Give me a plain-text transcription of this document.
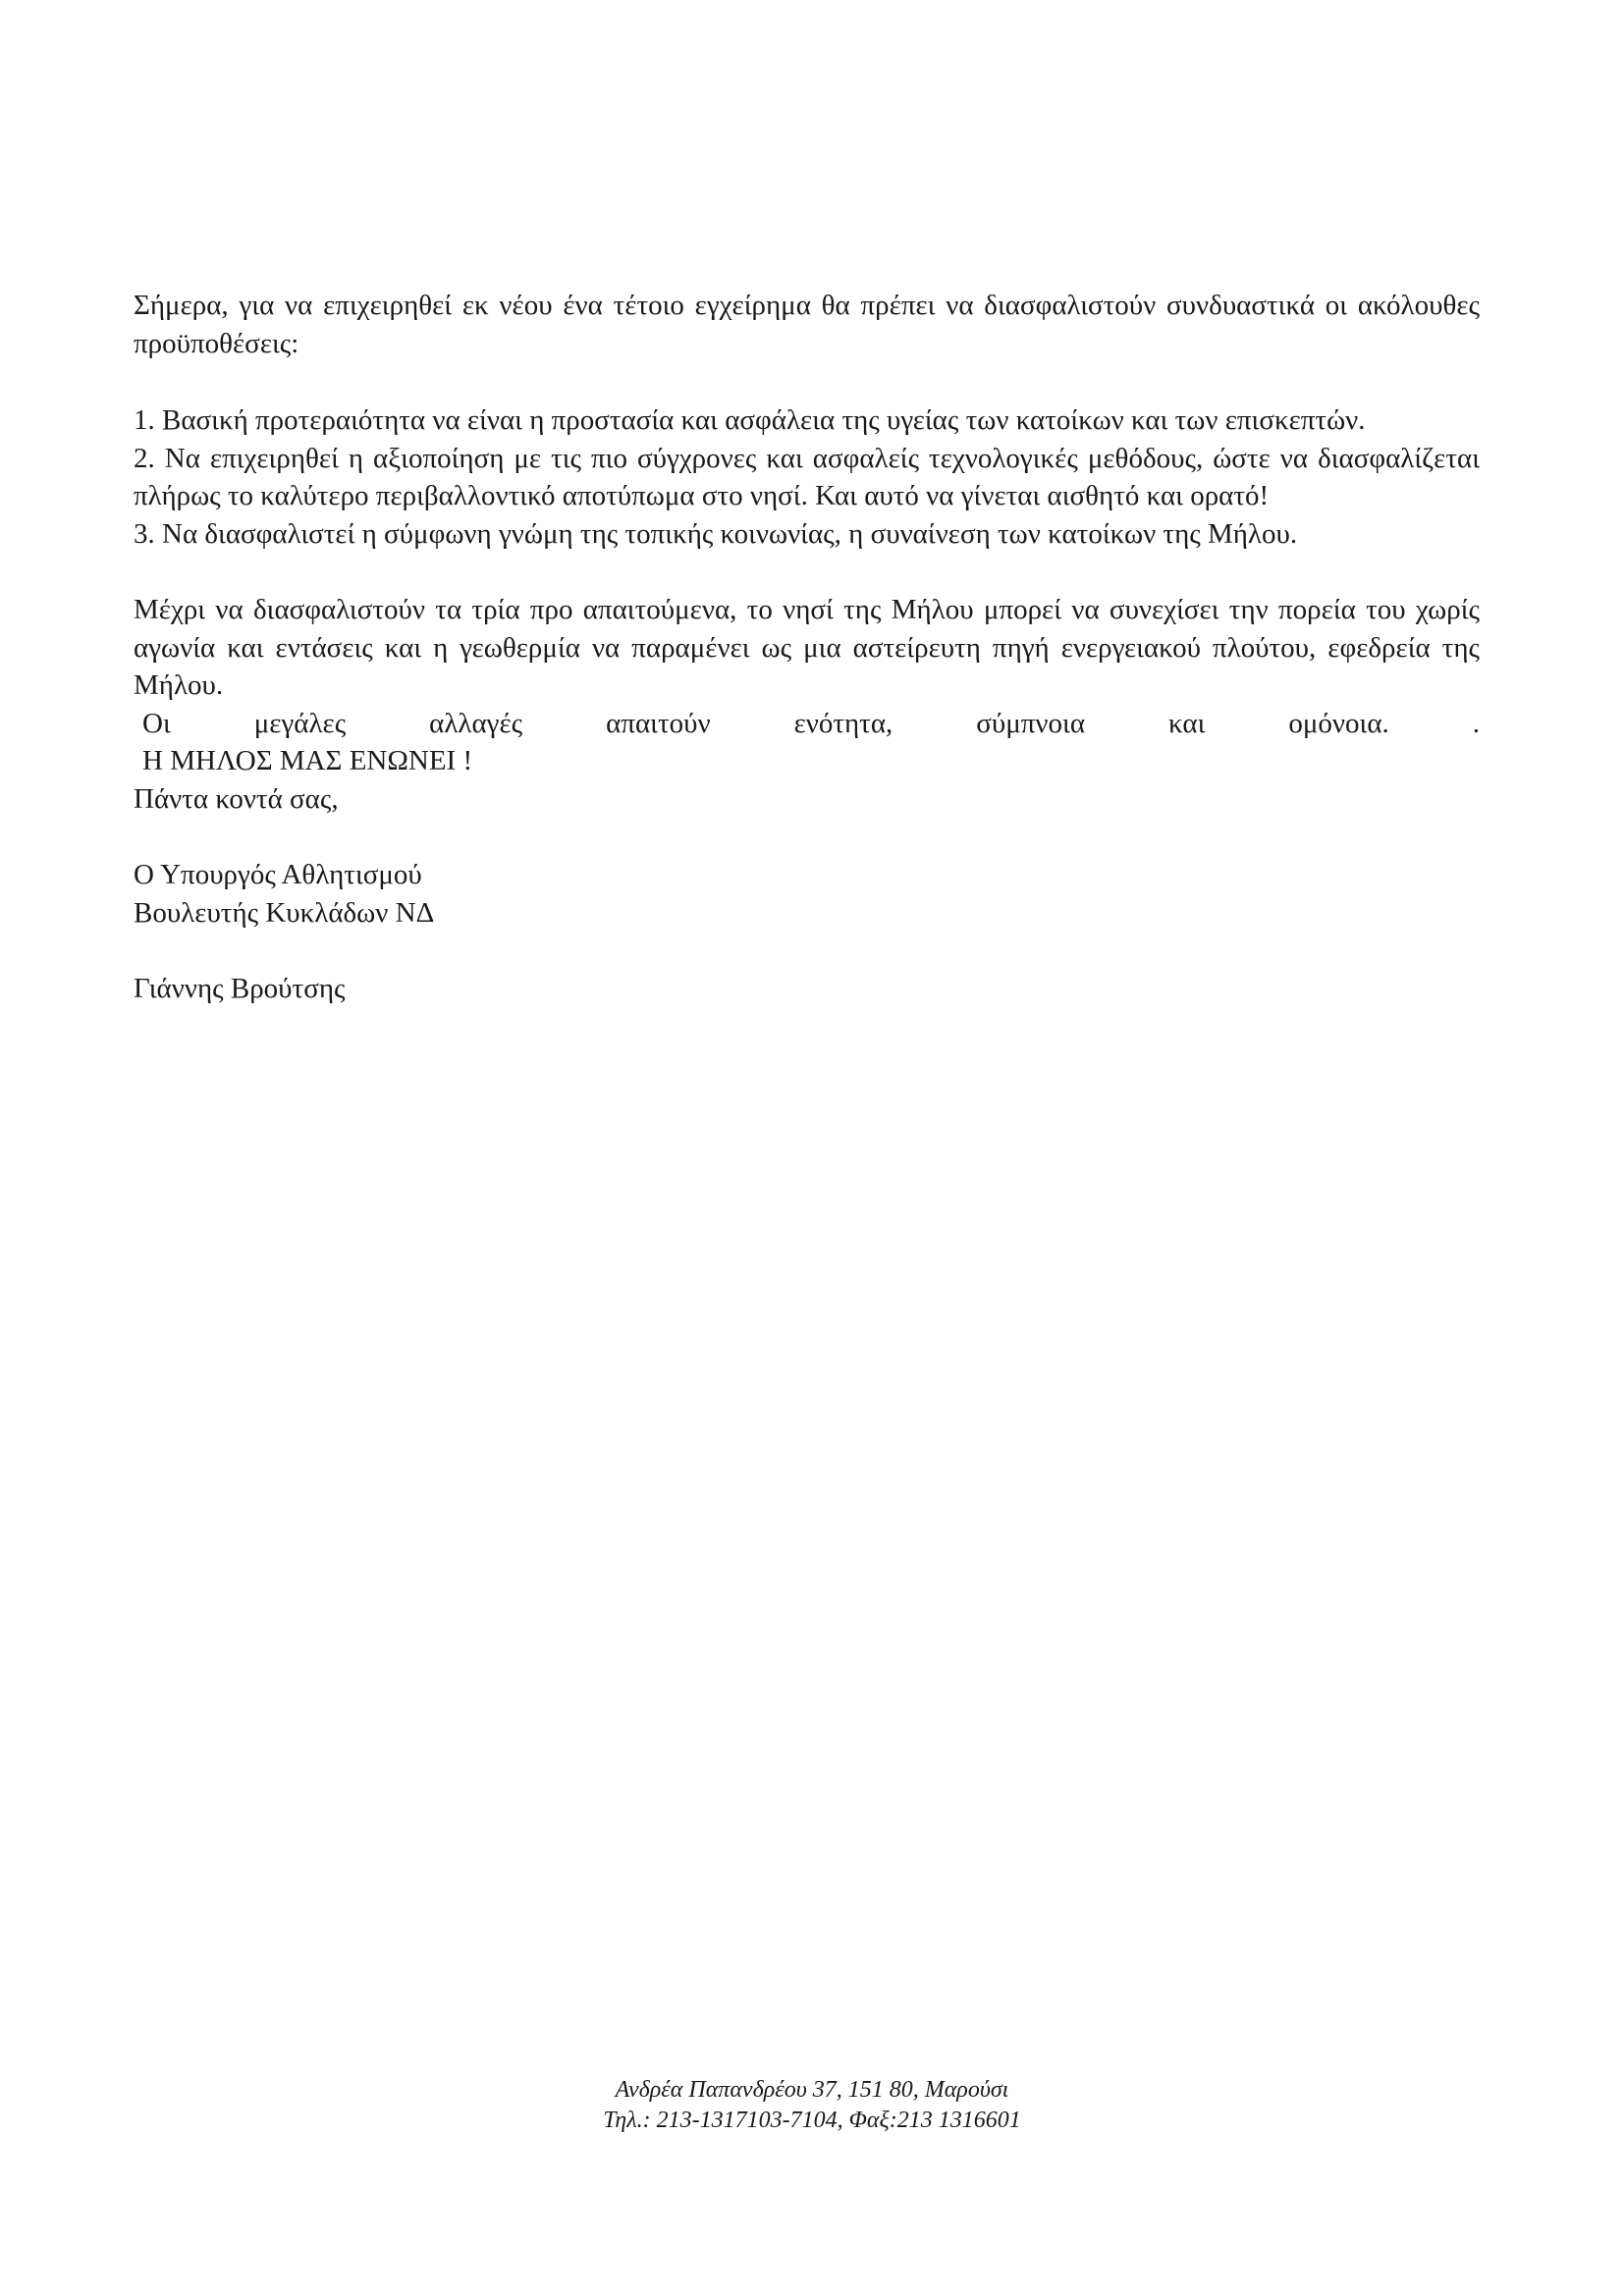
Σήμερα, για να επιχειρηθεί εκ νέου ένα τέτοιο εγχείρημα θα πρέπει να διασφαλιστούν συνδυαστικά οι ακόλουθες προϋποθέσεις:

1. Βασική προτεραιότητα να είναι η προστασία και ασφάλεια της υγείας των κατοίκων και των επισκεπτών.

2. Να επιχειρηθεί η αξιοποίηση με τις πιο σύγχρονες και ασφαλείς τεχνολογικές μεθόδους, ώστε να διασφαλίζεται πλήρως το καλύτερο περιβαλλοντικό αποτύπωμα στο νησί. Και αυτό να γίνεται αισθητό και ορατό!

3. Να διασφαλιστεί η σύμφωνη γνώμη της τοπικής κοινωνίας, η συναίνεση των κατοίκων της Μήλου.

Μέχρι να διασφαλιστούν τα τρία προ απαιτούμενα, το νησί της Μήλου μπορεί να συνεχίσει την πορεία του χωρίς αγωνία και εντάσεις και η γεωθερμία να παραμένει ως μια αστείρευτη πηγή ενεργειακού πλούτου, εφεδρεία της Μήλου.

Οι μεγάλες αλλαγές απαιτούν ενότητα, σύμπνοια και ομόνοια. .
Η ΜΗΛΟΣ ΜΑΣ ΕΝΩΝΕΙ !
Πάντα κοντά σας,
Ο Υπουργός Αθλητισμού
Βουλευτής Κυκλάδων ΝΔ
Γιάννης Βρούτσης
Ανδρέα Παπανδρέου 37, 151 80, Μαρούσι
Τηλ.: 213-1317103-7104, Φαξ:213 1316601
